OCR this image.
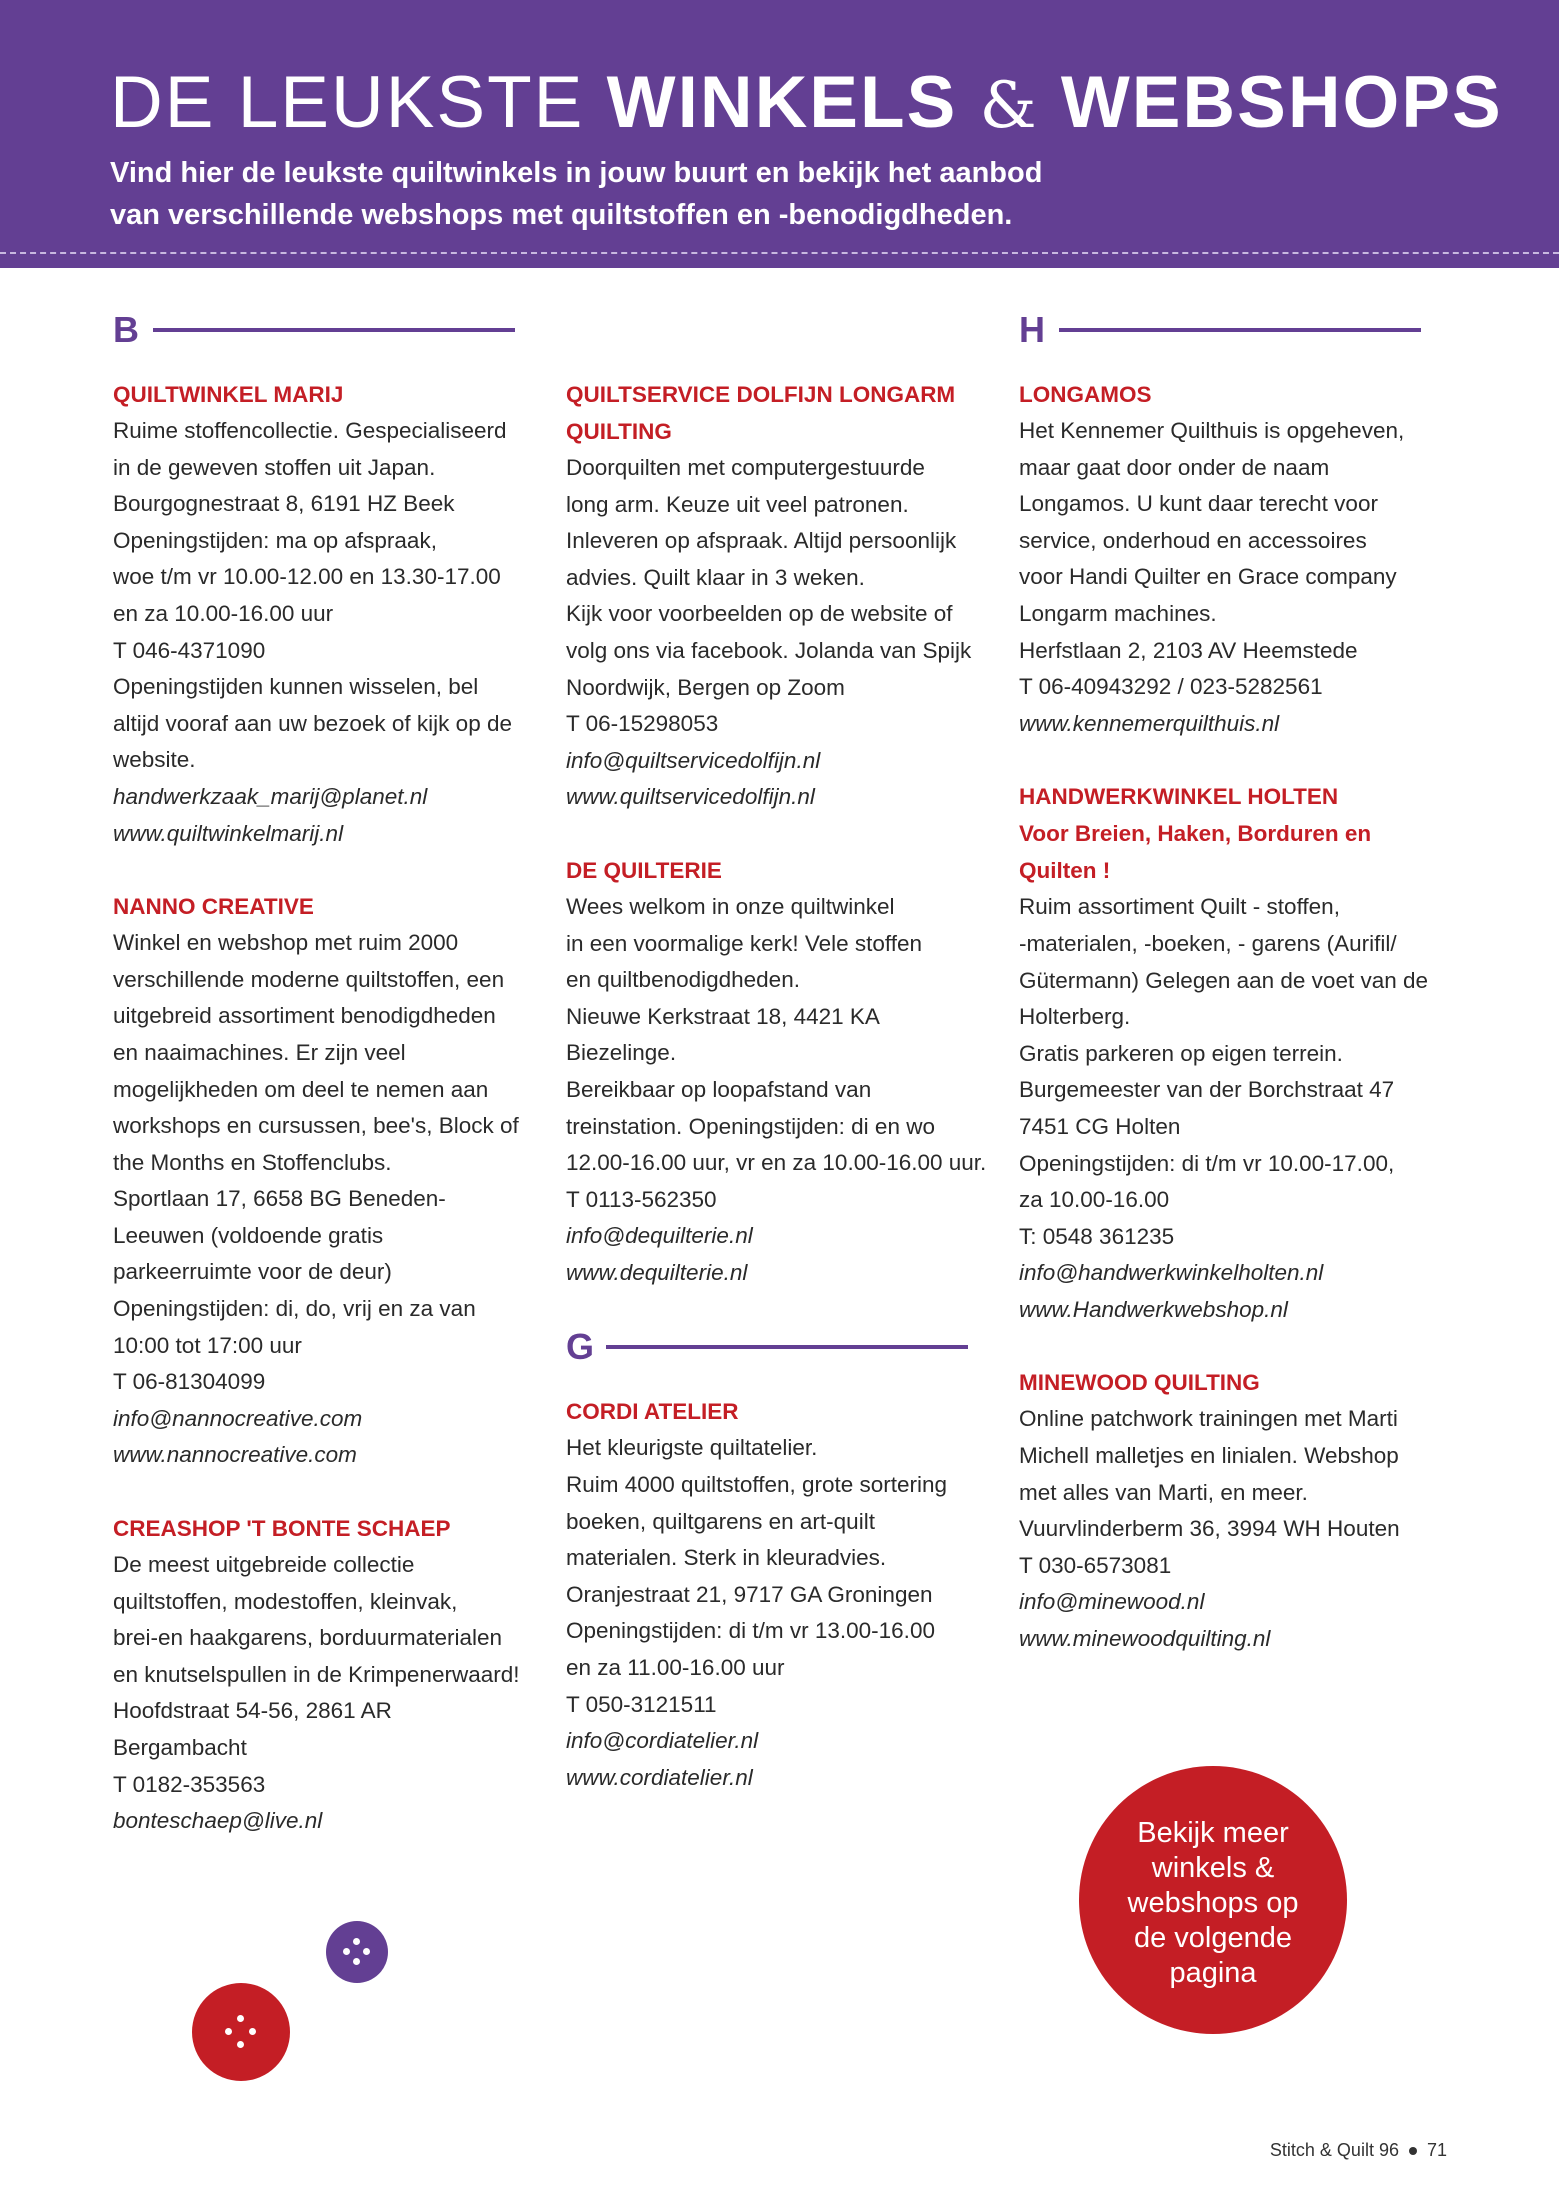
DE LEUKSTE WINKELS & WEBSHOPS
Vind hier de leukste quiltwinkels in jouw buurt en bekijk het aanbod
van verschillende webshops met quiltstoffen en -benodigdheden.
B
QUILTWINKEL MARIJ
Ruime stoffencollectie. Gespecialiseerd
in de geweven stoffen uit Japan.
Bourgognestraat 8, 6191 HZ Beek
Openingstijden: ma op afspraak,
woe t/m vr 10.00-12.00 en 13.30-17.00
en za 10.00-16.00 uur
T 046-4371090
Openingstijden kunnen wisselen, bel
altijd vooraf aan uw bezoek of kijk op de
website.
handwerkzaak_marij@planet.nl
www.quiltwinkelmarij.nl
NANNO CREATIVE
Winkel en webshop met ruim 2000
verschillende moderne quiltstoffen, een
uitgebreid assortiment benodigdheden
en naaimachines. Er zijn veel
mogelijkheden om deel te nemen aan
workshops en cursussen, bee's, Block of
the Months en Stoffenclubs.
Sportlaan 17, 6658 BG Beneden-
Leeuwen (voldoende gratis
parkeerruimte voor de deur)
Openingstijden: di, do, vrij en za van
10:00 tot 17:00 uur
T 06-81304099
info@nannocreative.com
www.nannocreative.com
CREASHOP 'T BONTE SCHAEP
De meest uitgebreide collectie
quiltstoffen, modestoffen, kleinvak,
brei-en haakgarens, borduurmaterialen
en knutselspullen in de Krimpenerwaard!
Hoofdstraat 54-56, 2861 AR
Bergambacht
T 0182-353563
bonteschaep@live.nl
QUILTSERVICE DOLFIJN LONGARM
QUILTING
Doorquilten met computergestuurde
long arm. Keuze uit veel patronen.
Inleveren op afspraak. Altijd persoonlijk
advies. Quilt klaar in 3 weken.
Kijk voor voorbeelden op de website of
volg ons via facebook. Jolanda van Spijk
Noordwijk, Bergen op Zoom
T 06-15298053
info@quiltservicedolfijn.nl
www.quiltservicedolfijn.nl
DE QUILTERIE
Wees welkom in onze quiltwinkel
in een voormalige kerk! Vele stoffen
en quiltbenodigdheden.
Nieuwe Kerkstraat 18, 4421 KA
Biezelinge.
Bereikbaar op loopafstand van
treinstation. Openingstijden: di en wo
12.00-16.00 uur, vr en za 10.00-16.00 uur.
T 0113-562350
info@dequilterie.nl
www.dequilterie.nl
G
CORDI ATELIER
Het kleurigste quiltatelier.
Ruim 4000 quiltstoffen, grote sortering
boeken, quiltgarens en art-quilt
materialen. Sterk in kleuradvies.
Oranjestraat 21, 9717 GA Groningen
Openingstijden: di t/m vr 13.00-16.00
en za 11.00-16.00 uur
T 050-3121511
info@cordiatelier.nl
www.cordiatelier.nl
H
LONGAMOS
Het Kennemer Quilthuis is opgeheven,
maar gaat door onder de naam
Longamos. U kunt daar terecht voor
service, onderhoud en accessoires
voor Handi Quilter en Grace company
Longarm machines.
Herfstlaan 2, 2103 AV Heemstede
T 06-40943292 / 023-5282561
www.kennemerquilthuis.nl
HANDWERKWINKEL HOLTEN
Voor Breien, Haken, Borduren en
Quilten !
Ruim assortiment Quilt - stoffen,
-materialen, -boeken, - garens (Aurifil/
Gütermann) Gelegen aan de voet van de
Holterberg.
Gratis parkeren op eigen terrein.
Burgemeester van der Borchstraat 47
7451 CG Holten
Openingstijden: di t/m vr 10.00-17.00,
za 10.00-16.00
T: 0548 361235
info@handwerkwinkelholten.nl
www.Handwerkwebshop.nl
MINEWOOD QUILTING
Online patchwork trainingen met Marti
Michell malletjes en linialen. Webshop
met alles van Marti, en meer.
Vuurvlinderberm 36, 3994 WH Houten
T 030-6573081
info@minewood.nl
www.minewoodquilting.nl
Bekijk meer
winkels &
webshops op
de volgende
pagina
Stitch & Quilt 96 71
